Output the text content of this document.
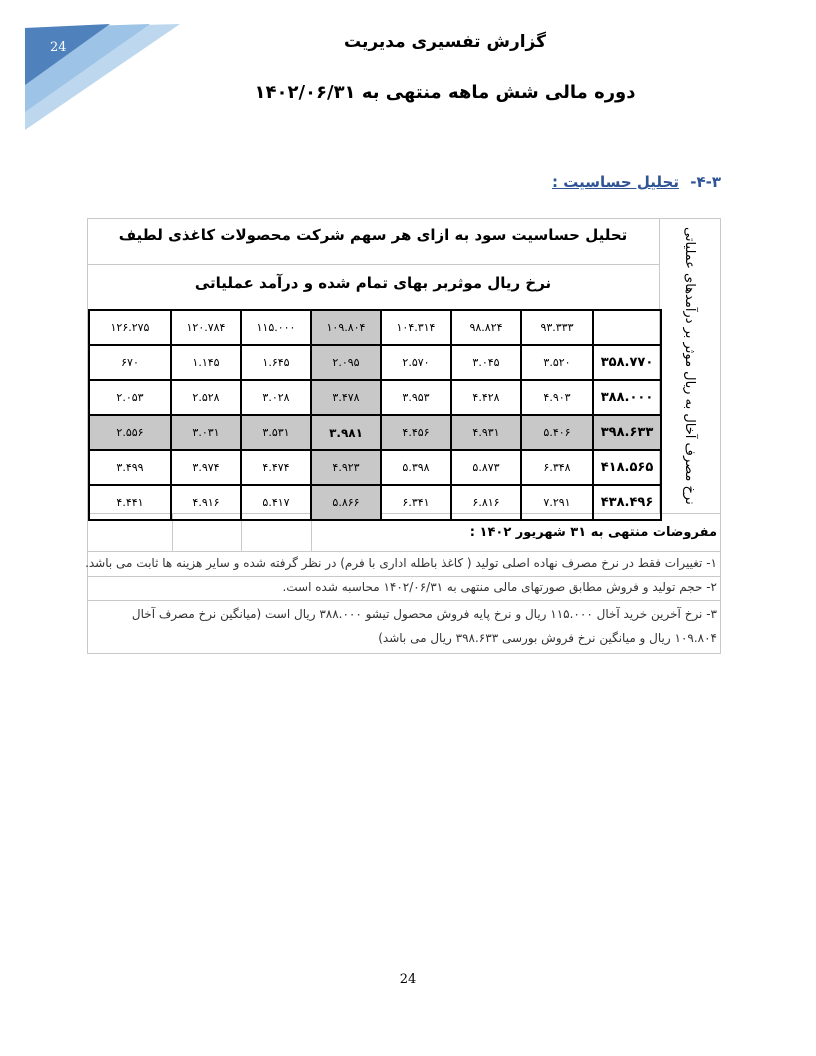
24	گزارش تفسیری مدیریت
دوره مالی شش ماهه منتهی به ۱۴۰۲/۰۶/۳۱
۴-۳- تحلیل حساسیت :
نرخ مصرف آخال به ریال موثر بر درآمدهای عملیاتی
تحلیل حساسیت سود به ازای هر سهم شرکت محصولات کاغذی لطیف
نرخ ریال موثربر بهای تمام شده و درآمد عملیاتی
	۹۳.۳۳۳	۹۸.۸۲۴	۱۰۴.۳۱۴	۱۰۹.۸۰۴	۱۱۵.۰۰۰	۱۲۰.۷۸۴	۱۲۶.۲۷۵
۳۵۸.۷۷۰	۳.۵۲۰	۳.۰۴۵	۲.۵۷۰	۲.۰۹۵	۱.۶۴۵	۱.۱۴۵	۶۷۰
۳۸۸.۰۰۰	۴.۹۰۳	۴.۴۲۸	۳.۹۵۳	۳.۴۷۸	۳.۰۲۸	۲.۵۲۸	۲.۰۵۳
۳۹۸.۶۳۳	۵.۴۰۶	۴.۹۳۱	۴.۴۵۶	۳.۹۸۱	۳.۵۳۱	۳.۰۳۱	۲.۵۵۶
۴۱۸.۵۶۵	۶.۳۴۸	۵.۸۷۳	۵.۳۹۸	۴.۹۲۳	۴.۴۷۴	۳.۹۷۴	۳.۴۹۹
۴۳۸.۴۹۶	۷.۲۹۱	۶.۸۱۶	۶.۳۴۱	۵.۸۶۶	۵.۴۱۷	۴.۹۱۶	۴.۴۴۱
مفروضات منتهی به ۳۱ شهریور ۱۴۰۲ :
۱- تغییرات فقط در نرخ مصرف نهاده اصلی تولید ( کاغذ باطله اداری با فرم) در نظر گرفته شده و سایر هزینه ها ثابت می باشد.
۲- حجم تولید و فروش مطابق صورتهای مالی منتهی به ۱۴۰۲/۰۶/۳۱ محاسبه شده است.
۳- نرخ آخرین خرید آخال ۱۱۵.۰۰۰ ریال و نرخ پایه فروش محصول تیشو ۳۸۸.۰۰۰ ریال است (میانگین نرخ مصرف آخال
۱۰۹.۸۰۴ ریال و میانگین نرخ فروش بورسی ۳۹۸.۶۳۳ ریال می باشد)
24
